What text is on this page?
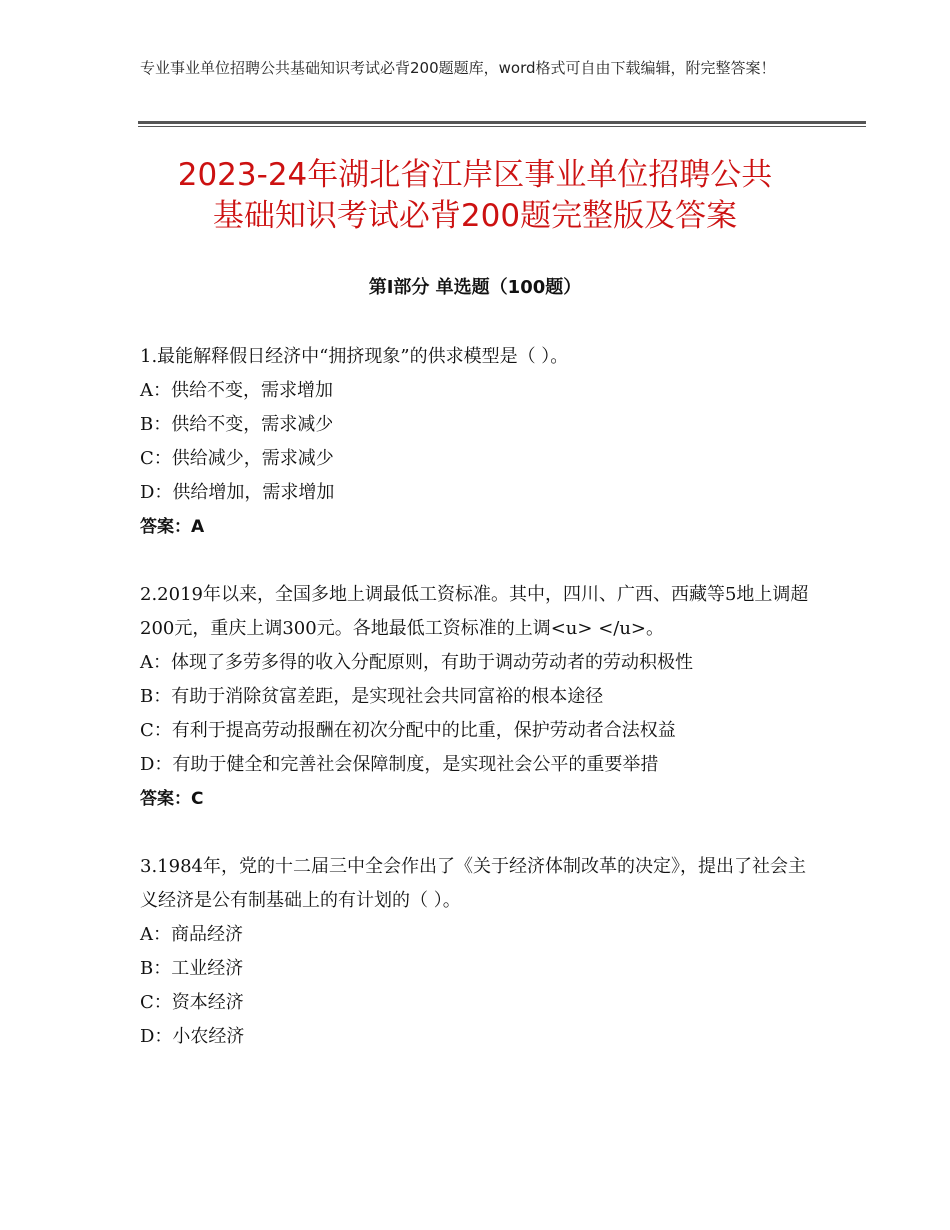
专业事业单位招聘公共基础知识考试必背200题题库，word格式可自由下载编辑，附完整答案！
2023-24年湖北省江岸区事业单位招聘公共
基础知识考试必背200题完整版及答案
第Ⅰ部分 单选题（100题）
1.最能解释假日经济中“拥挤现象”的供求模型是（ ）。
A：供给不变，需求增加
B：供给不变，需求减少
C：供给减少，需求减少
D：供给增加，需求增加
答案：A
2.2019年以来，全国多地上调最低工资标准。其中，四川、广西、西藏等5地上调超200元，重庆上调300元。各地最低工资标准的上调<u> </u>。
A：体现了多劳多得的收入分配原则，有助于调动劳动者的劳动积极性
B：有助于消除贫富差距，是实现社会共同富裕的根本途径
C：有利于提高劳动报酬在初次分配中的比重，保护劳动者合法权益
D：有助于健全和完善社会保障制度，是实现社会公平的重要举措
答案：C
3.1984年，党的十二届三中全会作出了《关于经济体制改革的决定》，提出了社会主义经济是公有制基础上的有计划的（ ）。
A：商品经济
B：工业经济
C：资本经济
D：小农经济
